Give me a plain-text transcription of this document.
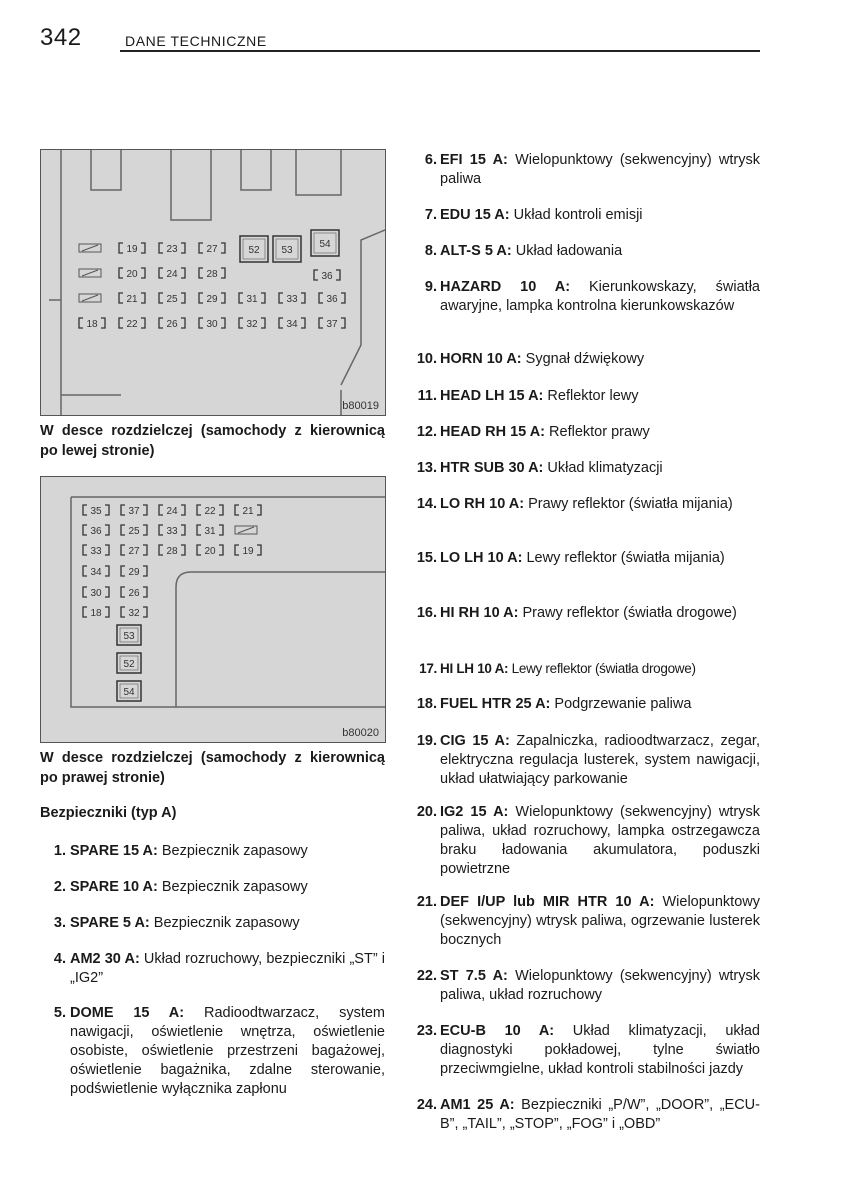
342	DANE TECHNICZNE
19	23	27
20	24	28
21	25	29	31	33	36
18	22	26	30	32	34	37
52 53
54
36
b80019
W desce rozdzielczej (samochody z kierownicą po lewej stronie)
35	37	24	22	21
36	25	33	31
33	27	28	20	19
34	29
30	26
18	32
53
52
54
b80020
W desce rozdzielczej (samochody z kierownicą po prawej stronie)
Bezpieczniki (typ A)
1. SPARE 15 A: Bezpiecznik zapasowy
2. SPARE 10 A: Bezpiecznik zapasowy
3. SPARE 5 A: Bezpiecznik zapasowy
4. AM2 30 A: Układ rozruchowy, bezpieczniki „ST” i „IG2”
5. DOME 15 A: Radioodtwarzacz, system nawigacji, oświetlenie wnętrza, oświetlenie osobiste, oświetlenie przestrzeni bagażowej, oświetlenie bagażnika, zdalne sterowanie, podświetlenie wyłącznika zapłonu
6. EFI 15 A: Wielopunktowy (sekwencyjny) wtrysk paliwa
7. EDU 15 A: Układ kontroli emisji
8. ALT-S 5 A: Układ ładowania
9. HAZARD 10 A: Kierunkowskazy, światła awaryjne, lampka kontrolna kierunkowskazów
10. HORN 10 A: Sygnał dźwiękowy
11. HEAD LH 15 A: Reflektor lewy
12. HEAD RH 15 A: Reflektor prawy
13. HTR SUB 30 A: Układ klimatyzacji
14. LO RH 10 A: Prawy reflektor (światła mijania)
15. LO LH 10 A: Lewy reflektor (światła mijania)
16. HI RH 10 A: Prawy reflektor (światła drogowe)
17. HI LH 10 A: Lewy reflektor (światła drogowe)
18. FUEL HTR 25 A: Podgrzewanie paliwa
19. CIG 15 A: Zapalniczka, radioodtwarzacz, zegar, elektryczna regulacja lusterek, system nawigacji, układ ułatwiający parkowanie
20. IG2 15 A: Wielopunktowy (sekwencyjny) wtrysk paliwa, układ rozruchowy, lampka ostrzegawcza braku ładowania akumulatora, poduszki powietrzne
21. DEF I/UP lub MIR HTR 10 A: Wielopunktowy (sekwencyjny) wtrysk paliwa, ogrzewanie lusterek bocznych
22. ST 7.5 A: Wielopunktowy (sekwencyjny) wtrysk paliwa, układ rozruchowy
23. ECU-B 10 A: Układ klimatyzacji, układ diagnostyki pokładowej, tylne światło przeciwmgielne, układ kontroli stabilności jazdy
24. AM1 25 A: Bezpieczniki „P/W”, „DOOR”, „ECU-B”, „TAIL”, „STOP”, „FOG” i „OBD”
